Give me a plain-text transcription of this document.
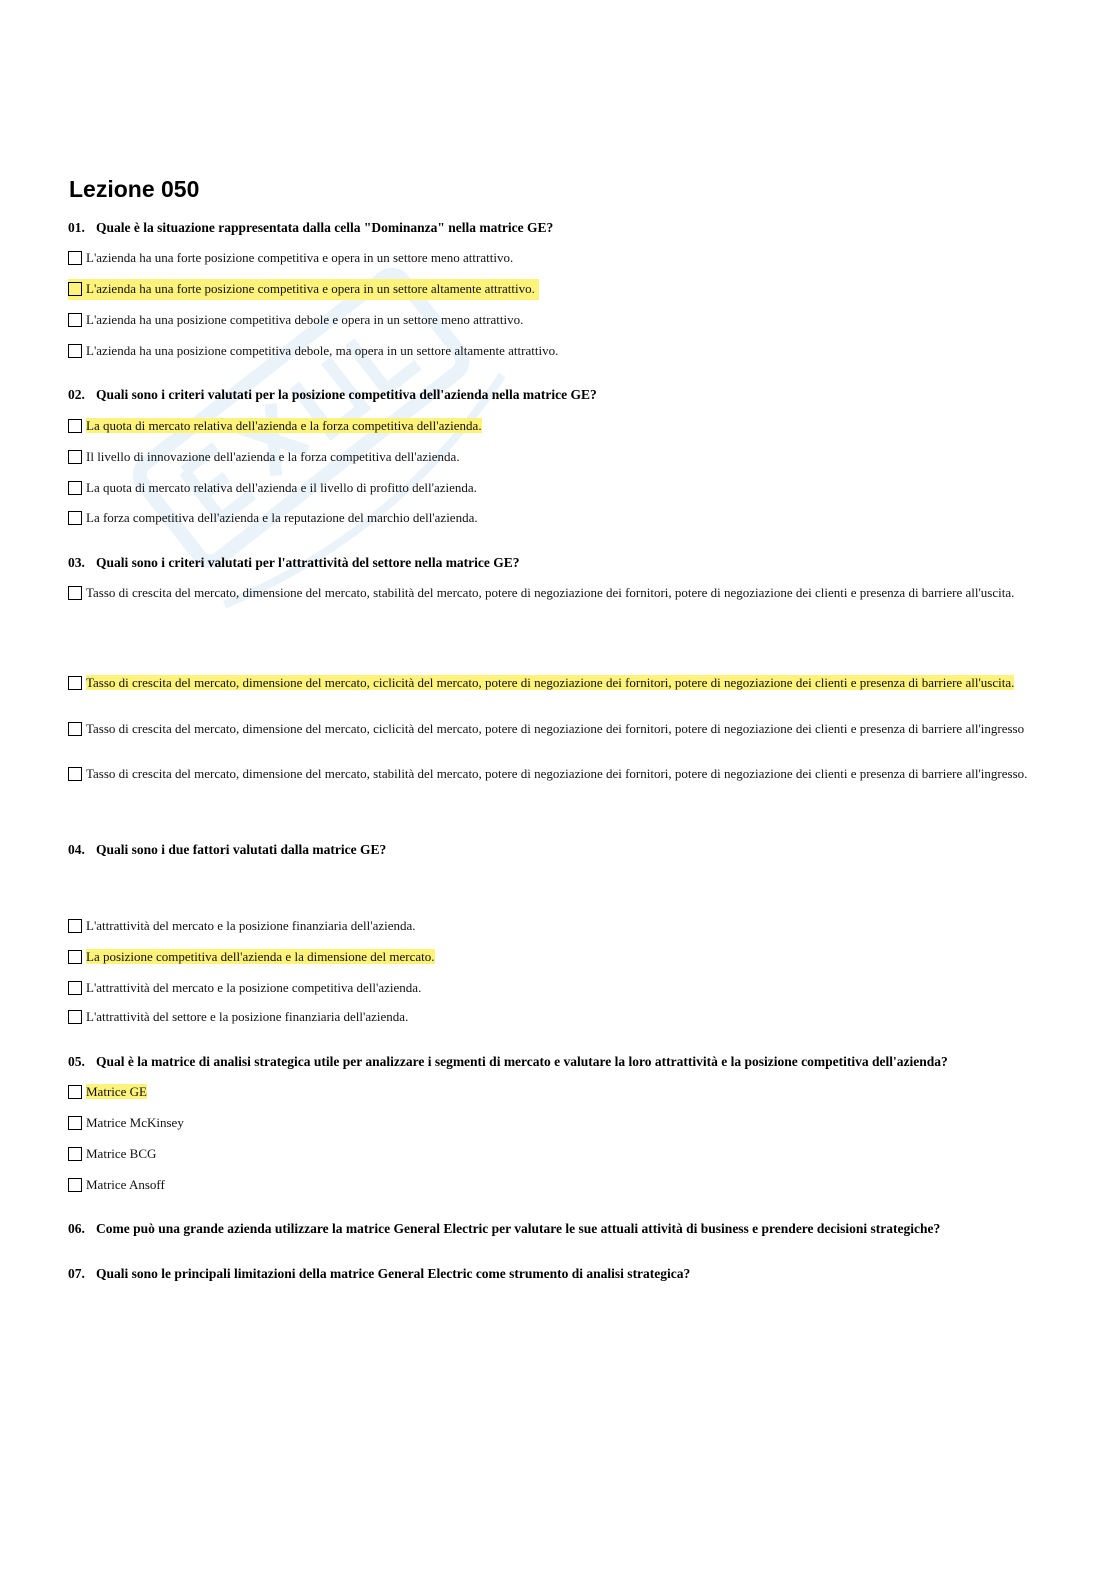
Lezione 050
01. Quale è la situazione rappresentata dalla cella "Dominanza" nella matrice GE?
L'azienda ha una forte posizione competitiva e opera in un settore meno attrattivo.
L'azienda ha una forte posizione competitiva e opera in un settore altamente attrattivo.
L'azienda ha una posizione competitiva debole e opera in un settore meno attrattivo.
L'azienda ha una posizione competitiva debole, ma opera in un settore altamente attrattivo.
02. Quali sono i criteri valutati per la posizione competitiva dell'azienda nella matrice GE?
La quota di mercato relativa dell'azienda e la forza competitiva dell'azienda.
Il livello di innovazione dell'azienda e la forza competitiva dell'azienda.
La quota di mercato relativa dell'azienda e il livello di profitto dell'azienda.
La forza competitiva dell'azienda e la reputazione del marchio dell'azienda.
03. Quali sono i criteri valutati per l'attrattività del settore nella matrice GE?
Tasso di crescita del mercato, dimensione del mercato, stabilità del mercato, potere di negoziazione dei fornitori, potere di negoziazione dei clienti e presenza di barriere all'uscita.
Tasso di crescita del mercato, dimensione del mercato, ciclicità del mercato, potere di negoziazione dei fornitori, potere di negoziazione dei clienti e presenza di barriere all'uscita.
Tasso di crescita del mercato, dimensione del mercato, ciclicità del mercato, potere di negoziazione dei fornitori, potere di negoziazione dei clienti e presenza di barriere all'ingresso
Tasso di crescita del mercato, dimensione del mercato, stabilità del mercato, potere di negoziazione dei fornitori, potere di negoziazione dei clienti e presenza di barriere all'ingresso.
04. Quali sono i due fattori valutati dalla matrice GE?
L'attrattività del mercato e la posizione finanziaria dell'azienda.
La posizione competitiva dell'azienda e la dimensione del mercato.
L'attrattività del mercato e la posizione competitiva dell'azienda.
L'attrattività del settore e la posizione finanziaria dell'azienda.
05. Qual è la matrice di analisi strategica utile per analizzare i segmenti di mercato e valutare la loro attrattività e la posizione competitiva dell'azienda?
Matrice GE
Matrice McKinsey
Matrice BCG
Matrice Ansoff
06. Come può una grande azienda utilizzare la matrice General Electric per valutare le sue attuali attività di business e prendere decisioni strategiche?
07. Quali sono le principali limitazioni della matrice General Electric come strumento di analisi strategica?
